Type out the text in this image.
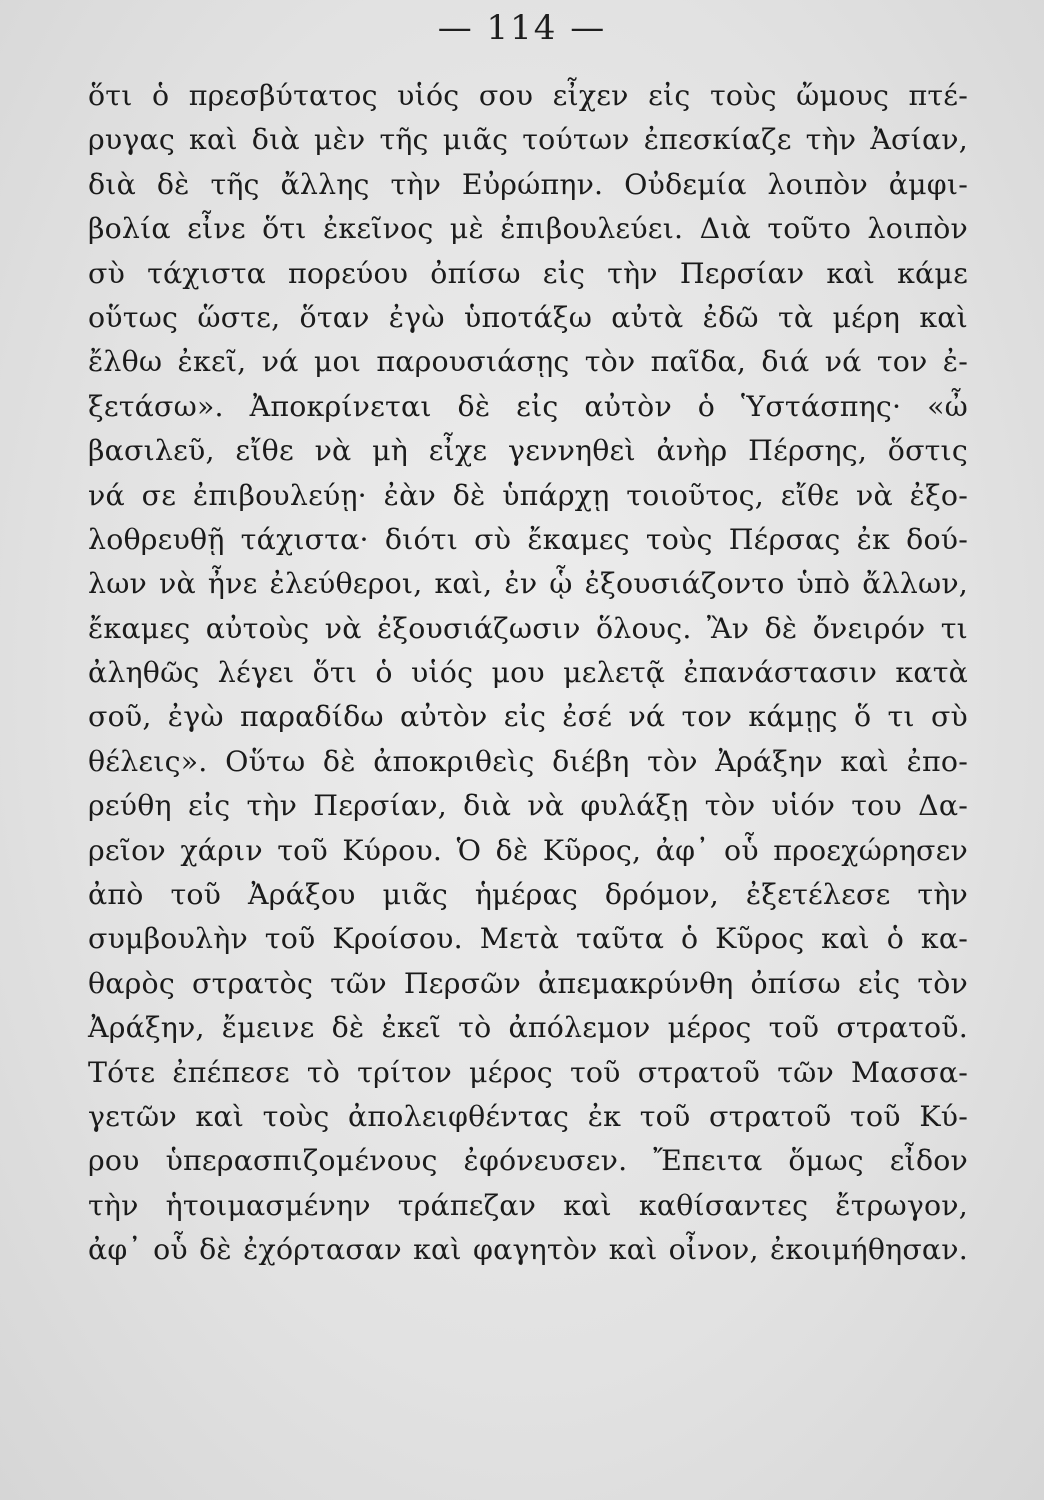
— 114 —
ὅτι ὁ πρεσβύτατος υἱός σου εἶχεν εἰς τοὺς ὤμους πτέ-
ρυγας καὶ διὰ μὲν τῆς μιᾶς τούτων ἐπεσκίαζε τὴν Ἀσίαν,
διὰ δὲ τῆς ἄλλης τὴν Εὐρώπην. Οὐδεμία λοιπὸν ἀμφι-
βολία εἶνε ὅτι ἐκεῖνος μὲ ἐπιβουλεύει. Διὰ τοῦτο λοιπὸν
σὺ τάχιστα πορεύου ὀπίσω εἰς τὴν Περσίαν καὶ κάμε
οὕτως ὥστε, ὅταν ἐγὼ ὑποτάξω αὐτὰ ἐδῶ τὰ μέρη καὶ
ἔλθω ἐκεῖ, νά μοι παρουσιάσῃς τὸν παῖδα, διά νά τον ἐ-
ξετάσω». Ἀποκρίνεται δὲ εἰς αὐτὸν ὁ Ὑστάσπης· «ὦ
βασιλεῦ, εἴθε νὰ μὴ εἶχε γεννηθεὶ ἀνὴρ Πέρσης, ὅστις
νά σε ἐπιβουλεύῃ· ἐὰν δὲ ὑπάρχῃ τοιοῦτος, εἴθε νὰ ἐξο-
λοθρευθῇ τάχιστα· διότι σὺ ἔκαμες τοὺς Πέρσας ἐκ δού-
λων νὰ ἦνε ἐλεύθεροι, καὶ, ἐν ᾧ ἐξουσιάζοντο ὑπὸ ἄλλων,
ἔκαμες αὐτοὺς νὰ ἐξουσιάζωσιν ὅλους. Ἂν δὲ ὄνειρόν τι
ἀληθῶς λέγει ὅτι ὁ υἱός μου μελετᾷ ἐπανάστασιν κατὰ
σοῦ, ἐγὼ παραδίδω αὐτὸν εἰς ἐσέ νά τον κάμῃς ὅ τι σὺ
θέλεις». Οὕτω δὲ ἀποκριθεὶς διέβη τὸν Ἀράξην καὶ ἐπο-
ρεύθη εἰς τὴν Περσίαν, διὰ νὰ φυλάξῃ τὸν υἱόν του Δα-
ρεῖον χάριν τοῦ Κύρου. Ὁ δὲ Κῦρος, ἀφ᾽ οὗ προεχώρησεν
ἀπὸ τοῦ Ἀράξου μιᾶς ἡμέρας δρόμον, ἐξετέλεσε τὴν
συμβουλὴν τοῦ Κροίσου. Μετὰ ταῦτα ὁ Κῦρος καὶ ὁ κα-
θαρὸς στρατὸς τῶν Περσῶν ἀπεμακρύνθη ὀπίσω εἰς τὸν
Ἀράξην, ἔμεινε δὲ ἐκεῖ τὸ ἀπόλεμον μέρος τοῦ στρατοῦ.
Τότε ἐπέπεσε τὸ τρίτον μέρος τοῦ στρατοῦ τῶν Μασσα-
γετῶν καὶ τοὺς ἀπολειφθέντας ἐκ τοῦ στρατοῦ τοῦ Κύ-
ρου ὑπερασπιζομένους ἐφόνευσεν. Ἔπειτα ὅμως εἶδον
τὴν ἡτοιμασμένην τράπεζαν καὶ καθίσαντες ἔτρωγον,
ἀφ᾽ οὗ δὲ ἐχόρτασαν καὶ φαγητὸν καὶ οἶνον, ἐκοιμήθησαν.
